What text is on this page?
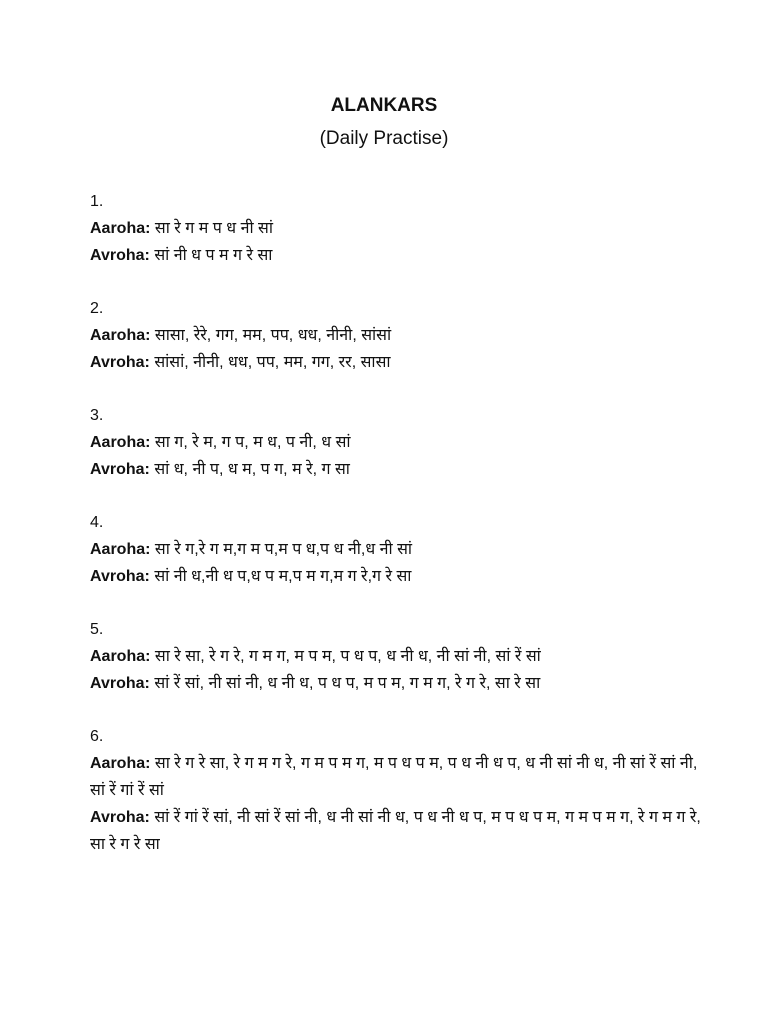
ALANKARS
(Daily Practise)
1.
Aaroha: सा रे ग म प ध नी सां
Avroha: सां नी ध प म ग रे सा
2.
Aaroha: सासा, रेरे, गग, मम, पप, धध, नीनी, सांसां
Avroha: सांसां, नीनी, धध, पप, मम, गग, रर, सासा
3.
Aaroha: सा ग, रे म, ग प, म ध, प नी, ध सां
Avroha: सां ध, नी प, ध म, प ग, म रे, ग सा
4.
Aaroha: सा रे ग,रे ग म,ग म प,म प ध,प ध नी,ध नी सां
Avroha: सां नी ध,नी ध प,ध प म,प म ग,म ग रे,ग रे सा
5.
Aaroha: सा रे सा, रे ग रे, ग म ग, म प म, प ध प, ध नी ध, नी सां नी, सां रें सां
Avroha: सां रें सां, नी सां नी, ध नी ध, प ध प, म प म, ग म ग, रे ग रे, सा रे सा
6.
Aaroha: सा रे ग रे सा, रे ग म ग रे, ग म प म ग, म प ध प म, प ध नी ध प, ध नी सां नी ध, नी सां रें सां नी, सां रें गां रें सां
Avroha: सां रें गां रें सां, नी सां रें सां नी, ध नी सां नी ध, प ध नी ध प, म प ध प म, ग म प म ग, रे ग म ग रे, सा रे ग रे सा
